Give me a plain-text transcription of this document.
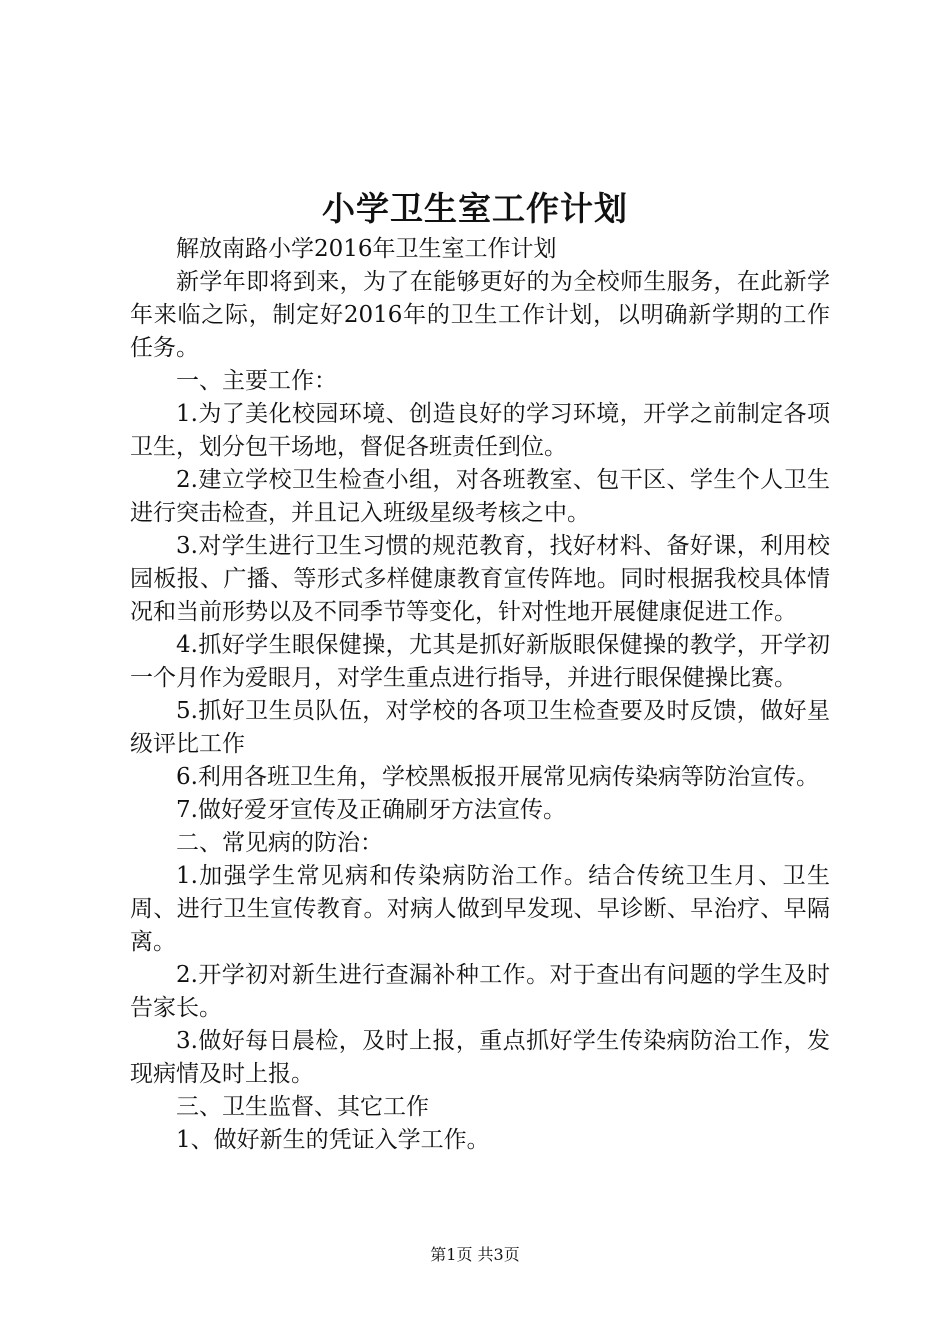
小学卫生室工作计划

解放南路小学2016年卫生室工作计划

新学年即将到来，为了在能够更好的为全校师生服务，在此新学年来临之际，制定好2016年的卫生工作计划，以明确新学期的工作任务。

一、主要工作：

1.为了美化校园环境、创造良好的学习环境，开学之前制定各项卫生，划分包干场地，督促各班责任到位。

2.建立学校卫生检查小组，对各班教室、包干区、学生个人卫生进行突击检查，并且记入班级星级考核之中。

3.对学生进行卫生习惯的规范教育，找好材料、备好课，利用校园板报、广播、等形式多样健康教育宣传阵地。同时根据我校具体情况和当前形势以及不同季节等变化，针对性地开展健康促进工作。

4.抓好学生眼保健操，尤其是抓好新版眼保健操的教学，开学初一个月作为爱眼月，对学生重点进行指导，并进行眼保健操比赛。

5.抓好卫生员队伍，对学校的各项卫生检查要及时反馈，做好星级评比工作

6.利用各班卫生角，学校黑板报开展常见病传染病等防治宣传。

7.做好爱牙宣传及正确刷牙方法宣传。

二、常见病的防治：

1.加强学生常见病和传染病防治工作。结合传统卫生月、卫生周、进行卫生宣传教育。对病人做到早发现、早诊断、早治疗、早隔离。

2.开学初对新生进行查漏补种工作。对于查出有问题的学生及时告家长。

3.做好每日晨检，及时上报，重点抓好学生传染病防治工作，发现病情及时上报。

三、卫生监督、其它工作

1、做好新生的凭证入学工作。

第1页 共3页
